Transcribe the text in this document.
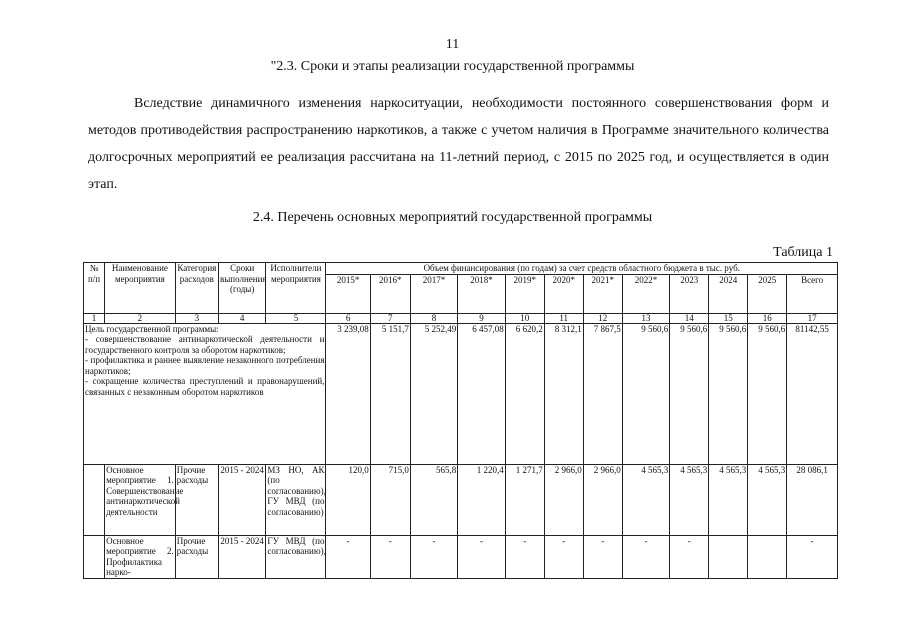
11
"2.3. Сроки и этапы реализации государственной программы

Вследствие динамичного изменения наркоситуации, необходимости постоянного совершенствования форм и методов противодействия распространению наркотиков, а также с учетом наличия в Программе значительного количества долгосрочных мероприятий ее реализация рассчитана на 11-летний период, с 2015 по 2025 год, и осуществляется в один этап.

2.4. Перечень основных мероприятий государственной программы
Таблица 1
№ п/п	Наименование мероприятия	Категория расходов	Сроки выполнения (годы)	Исполнители мероприятия	Объем финансирования (по годам) за счет средств областного бюджета в тыс. руб.											
					2015*	2016*	2017*	2018*	2019*	2020*	2021*	2022*	2023	2024	2025	Всего
1	2	3	4	5	6	7	8	9	10	11	12	13	14	15	16	17
Цель государственной программы:
- совершенствование антинаркотической деятельности и государственного контроля за оборотом наркотиков;
- профилактика и раннее выявление незаконного потребления наркотиков;
- сокращение количества преступлений и правонарушений, связанных с незаконным оборотом наркотиков					3 239,08	5 151,7	5 252,49	6 457,08	6 620,2	8 312,1	7 867,5	9 560,6	9 560,6	9 560,6	9 560,6	81142,55
	Основное мероприятие 1. Совершенствование антинаркотической деятельности	Прочие расходы	2015 - 2024	МЗ НО, АК (по согласованию), ГУ МВД (по согласованию)	120,0	715,0	565,8	1 220,4	1 271,7	2 966,0	2 966,0	4 565,3	4 565,3	4 565,3	4 565,3	28 086,1
	Основное мероприятие 2. Профилактика нарко-	Прочие расходы	2015 - 2024	ГУ МВД (по согласованию),	-	-	-	-	-	-	-	-	-			-
